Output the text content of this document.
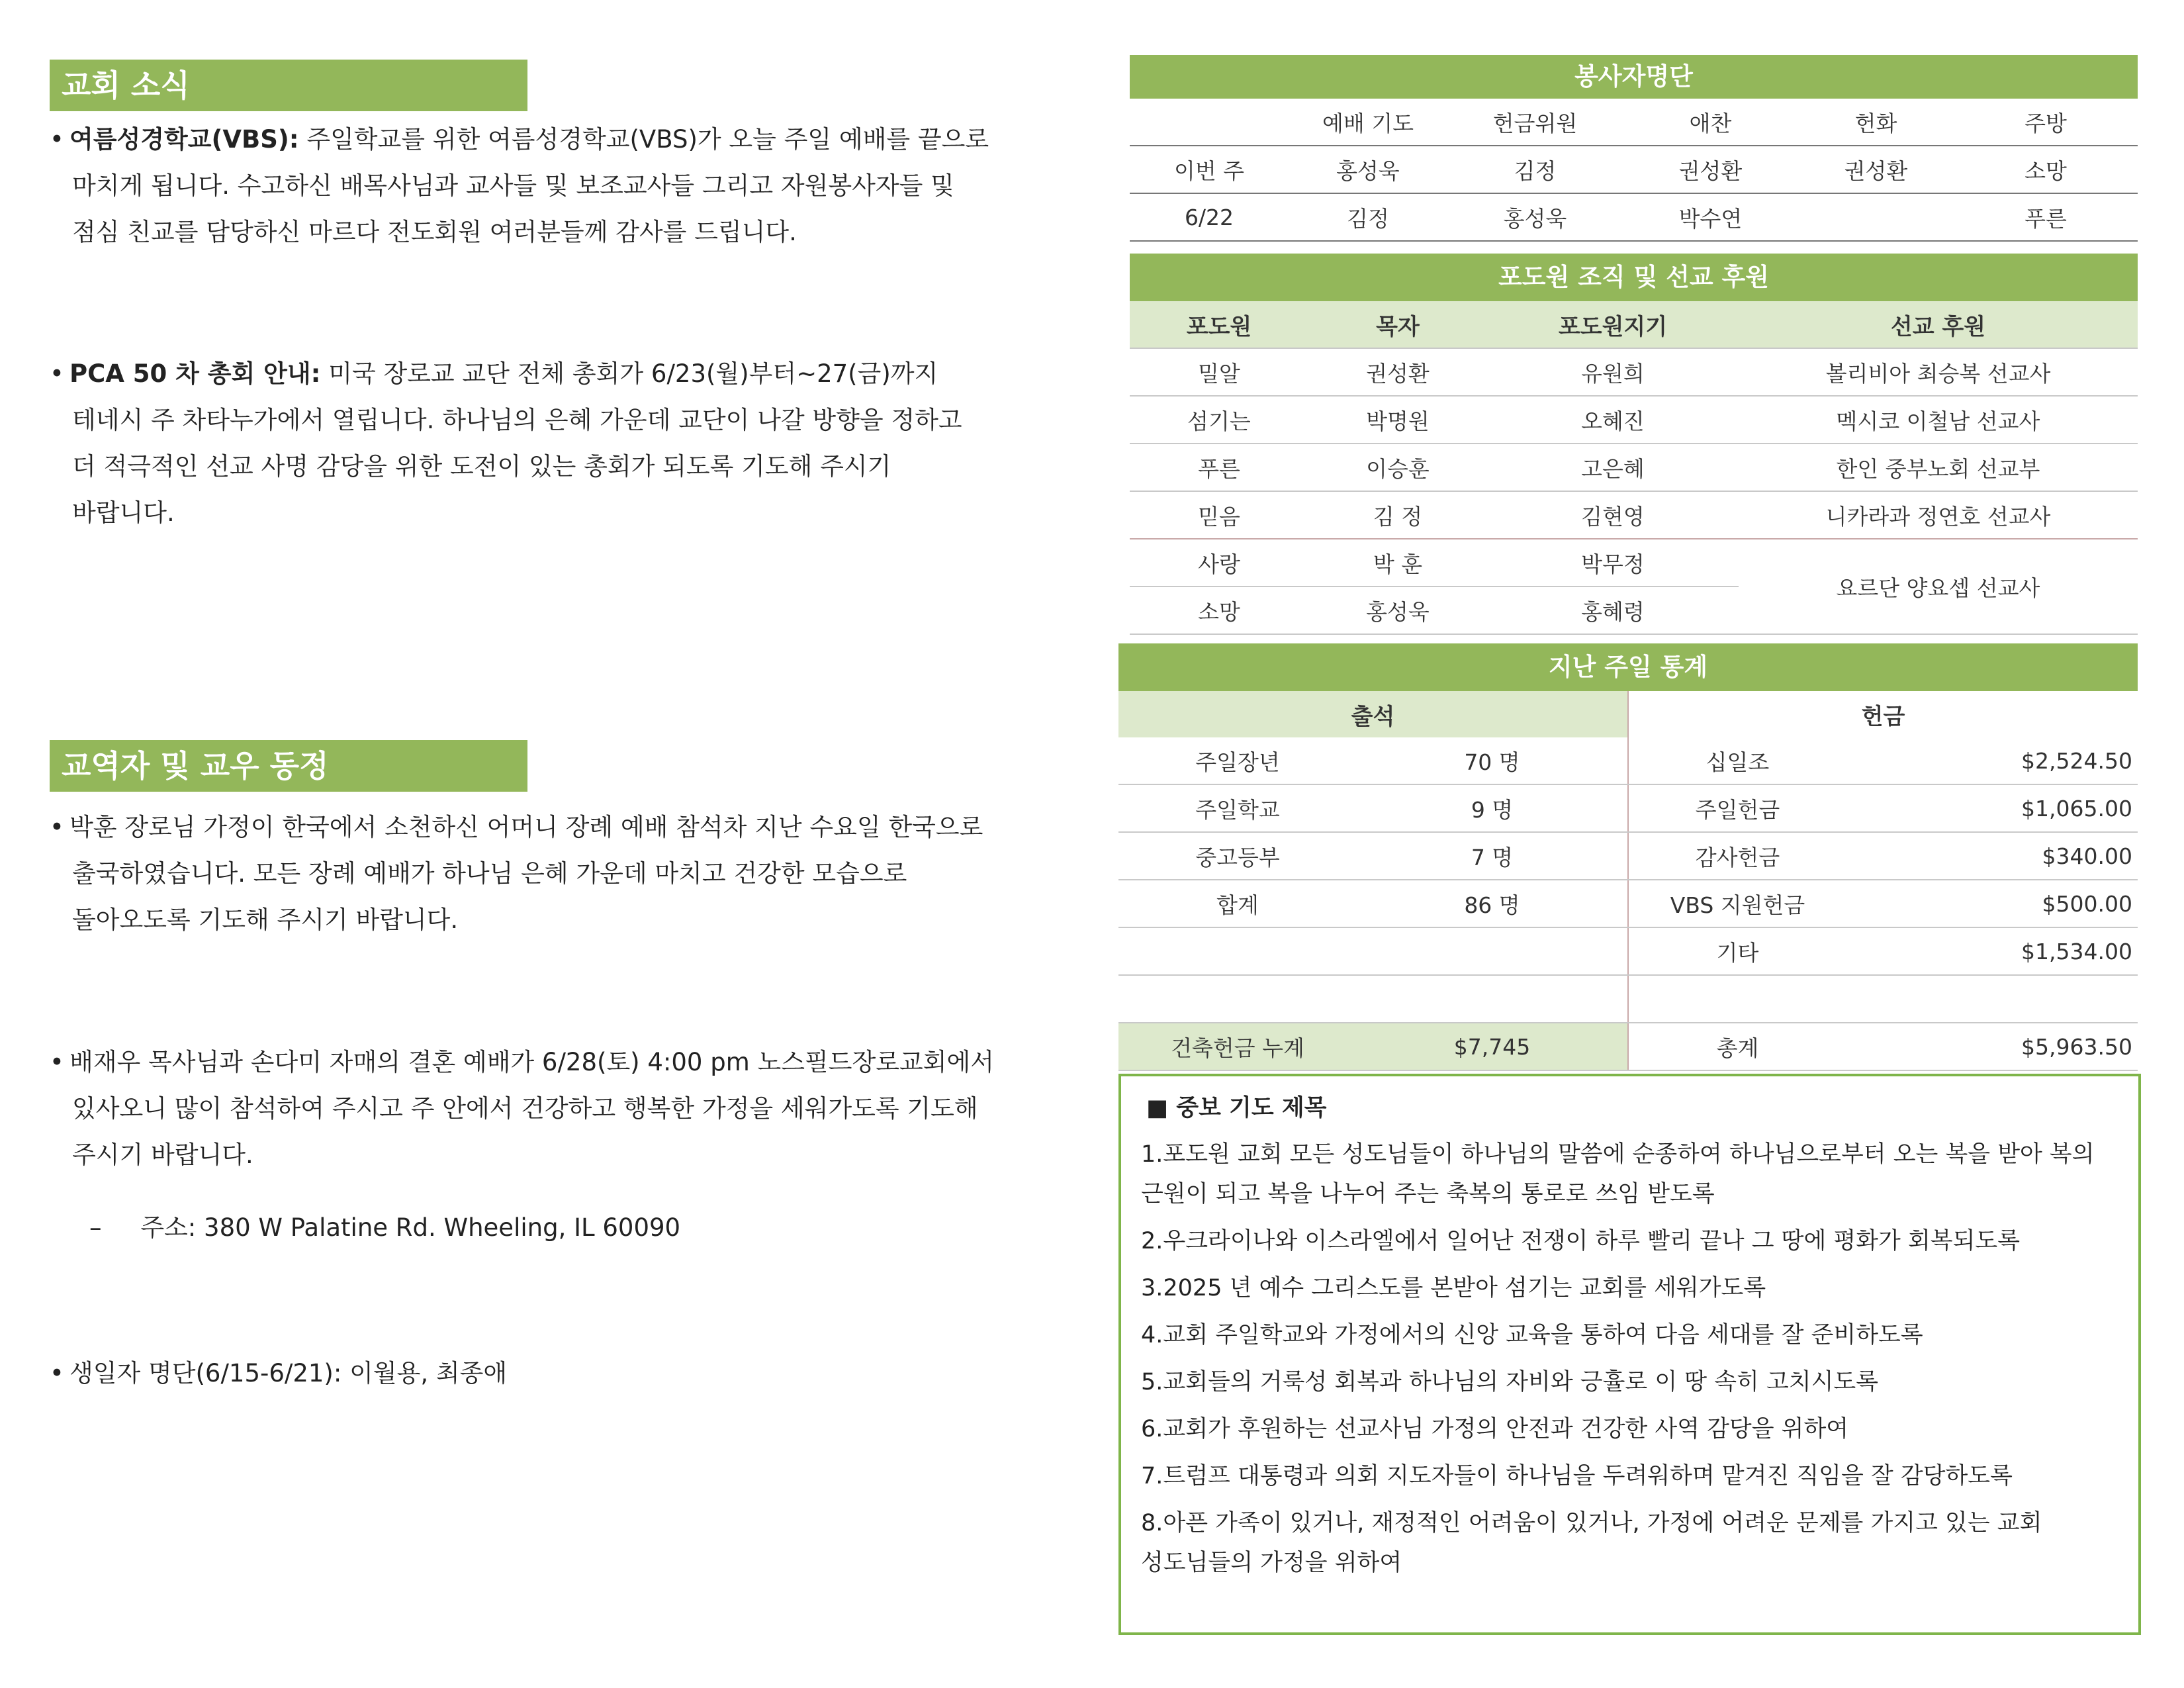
교회 소식
• 여름성경학교(VBS): 주일학교를 위한 여름성경학교(VBS)가 오늘 주일 예배를 끝으로
마치게 됩니다. 수고하신 배목사님과 교사들 및 보조교사들 그리고 자원봉사자들 및
점심 친교를 담당하신 마르다 전도회원 여러분들께 감사를 드립니다.
• PCA 50 차 총회 안내: 미국 장로교 교단 전체 총회가 6/23(월)부터~27(금)까지
테네시 주 차타누가에서 열립니다. 하나님의 은혜 가운데 교단이 나갈 방향을 정하고
더 적극적인 선교 사명 감당을 위한 도전이 있는 총회가 되도록 기도해 주시기
바랍니다.
교역자 및 교우 동정
• 박훈 장로님 가정이 한국에서 소천하신 어머니 장례 예배 참석차 지난 수요일 한국으로
출국하였습니다. 모든 장례 예배가 하나님 은혜 가운데 마치고 건강한 모습으로
돌아오도록 기도해 주시기 바랍니다.
• 배재우 목사님과 손다미 자매의 결혼 예배가 6/28(토) 4:00 pm 노스필드장로교회에서
있사오니 많이 참석하여 주시고 주 안에서 건강하고 행복한 가정을 세워가도록 기도해
주시기 바랍니다.
– 주소: 380 W Palatine Rd. Wheeling, IL 60090
• 생일자 명단(6/15-6/21): 이월용, 최종애
봉사자명단
	예배 기도	헌금위원	애찬	헌화	주방
이번 주	홍성욱	김정	권성환	권성환	소망
6/22	김정	홍성욱	박수연		푸른
포도원 조직 및 선교 후원
포도원	목자	포도원지기	선교 후원
밀알	권성환	유원희	볼리비아 최승복 선교사
섬기는	박명원	오혜진	멕시코 이철남 선교사
푸른	이승훈	고은혜	한인 중부노회 선교부
믿음	김 정	김현영	니카라과 정연호 선교사
사랑	박 훈	박무정	요르단 양요셉 선교사
소망	홍성욱	홍혜령	
지난 주일 통계
출석		헌금	
주일장년	70 명	십일조	$2,524.50
주일학교	9 명	주일헌금	$1,065.00
중고등부	7 명	감사헌금	$340.00
합계	86 명	VBS 지원헌금	$500.00
		기타	$1,534.00

건축헌금 누계	$7,745	총계	$5,963.50
■ 중보 기도 제목
1.포도원 교회 모든 성도님들이 하나님의 말씀에 순종하여 하나님으로부터 오는 복을 받아 복의
근원이 되고 복을 나누어 주는 축복의 통로로 쓰임 받도록
2.우크라이나와 이스라엘에서 일어난 전쟁이 하루 빨리 끝나 그 땅에 평화가 회복되도록
3.2025 년 예수 그리스도를 본받아 섬기는 교회를 세워가도록
4.교회 주일학교와 가정에서의 신앙 교육을 통하여 다음 세대를 잘 준비하도록
5.교회들의 거룩성 회복과 하나님의 자비와 긍휼로 이 땅 속히 고치시도록
6.교회가 후원하는 선교사님 가정의 안전과 건강한 사역 감당을 위하여
7.트럼프 대통령과 의회 지도자들이 하나님을 두려워하며 맡겨진 직임을 잘 감당하도록
8.아픈 가족이 있거나, 재정적인 어려움이 있거나, 가정에 어려운 문제를 가지고 있는 교회
성도님들의 가정을 위하여
